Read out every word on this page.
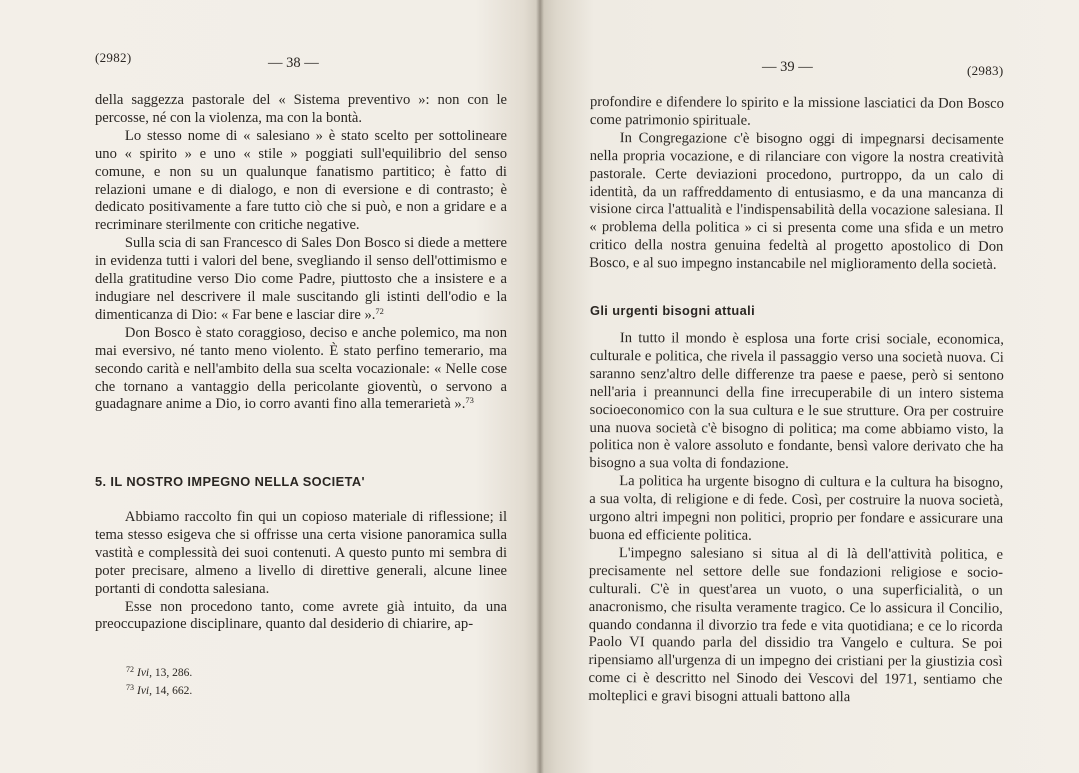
(2982)	— 38 —

della saggezza pastorale del « Sistema preventivo »: non con le percosse, né con la violenza, ma con la bontà.

Lo stesso nome di « salesiano » è stato scelto per sottolineare uno « spirito » e uno « stile » poggiati sull'equilibrio del senso comune, e non su un qualunque fanatismo partitico; è fatto di relazioni umane e di dialogo, e non di eversione e di contrasto; è dedicato positivamente a fare tutto ciò che si può, e non a gridare e a recriminare sterilmente con critiche negative.

Sulla scia di san Francesco di Sales Don Bosco si diede a mettere in evidenza tutti i valori del bene, svegliando il senso dell'ottimismo e della gratitudine verso Dio come Padre, piuttosto che a insistere e a indugiare nel descrivere il male suscitando gli istinti dell'odio e la dimenticanza di Dio: « Far bene e lasciar dire ».$^{72}$

Don Bosco è stato coraggioso, deciso e anche polemico, ma non mai eversivo, né tanto meno violento. È stato perfino temerario, ma secondo carità e nell'ambito della sua scelta vocazionale: « Nelle cose che tornano a vantaggio della pericolante gioventù, o servono a guadagnare anime a Dio, io corro avanti fino alla temerarietà ».$^{73}$

5. IL NOSTRO IMPEGNO NELLA SOCIETA'

Abbiamo raccolto fin qui un copioso materiale di riflessione; il tema stesso esigeva che si offrisse una certa visione panoramica sulla vastità e complessità dei suoi contenuti. A questo punto mi sembra di poter precisare, almeno a livello di direttive generali, alcune linee portanti di condotta salesiana.

Esse non procedono tanto, come avrete già intuito, da una preoccupazione disciplinare, quanto dal desiderio di chiarire, ap-

$^{72}$ Ivi, 13, 286.
$^{73}$ Ivi, 14, 662.
— 39 —	(2983)

profondire e difendere lo spirito e la missione lasciatici da Don Bosco come patrimonio spirituale.

In Congregazione c'è bisogno oggi di impegnarsi decisamente nella propria vocazione, e di rilanciare con vigore la nostra creatività pastorale. Certe deviazioni procedono, purtroppo, da un calo di identità, da un raffreddamento di entusiasmo, e da una mancanza di visione circa l'attualità e l'indispensabilità della vocazione salesiana. Il « problema della politica » ci si presenta come una sfida e un metro critico della nostra genuina fedeltà al progetto apostolico di Don Bosco, e al suo impegno instancabile nel miglioramento della società.

Gli urgenti bisogni attuali

In tutto il mondo è esplosa una forte crisi sociale, economica, culturale e politica, che rivela il passaggio verso una società nuova. Ci saranno senz'altro delle differenze tra paese e paese, però si sentono nell'aria i preannunci della fine irrecuperabile di un intero sistema socioeconomico con la sua cultura e le sue strutture. Ora per costruire una nuova società c'è bisogno di politica; ma come abbiamo visto, la politica non è valore assoluto e fondante, bensì valore derivato che ha bisogno a sua volta di fondazione.

La politica ha urgente bisogno di cultura e la cultura ha bisogno, a sua volta, di religione e di fede. Così, per costruire la nuova società, urgono altri impegni non politici, proprio per fondare e assicurare una buona ed efficiente politica.

L'impegno salesiano si situa al di là dell'attività politica, e precisamente nel settore delle sue fondazioni religiose e socio-culturali. C'è in quest'area un vuoto, o una superficialità, o un anacronismo, che risulta veramente tragico. Ce lo assicura il Concilio, quando condanna il divorzio tra fede e vita quotidiana; e ce lo ricorda Paolo VI quando parla del dissidio tra Vangelo e cultura. Se poi ripensiamo all'urgenza di un impegno dei cristiani per la giustizia così come ci è descritto nel Sinodo dei Vescovi del 1971, sentiamo che molteplici e gravi bisogni attuali battono alla
